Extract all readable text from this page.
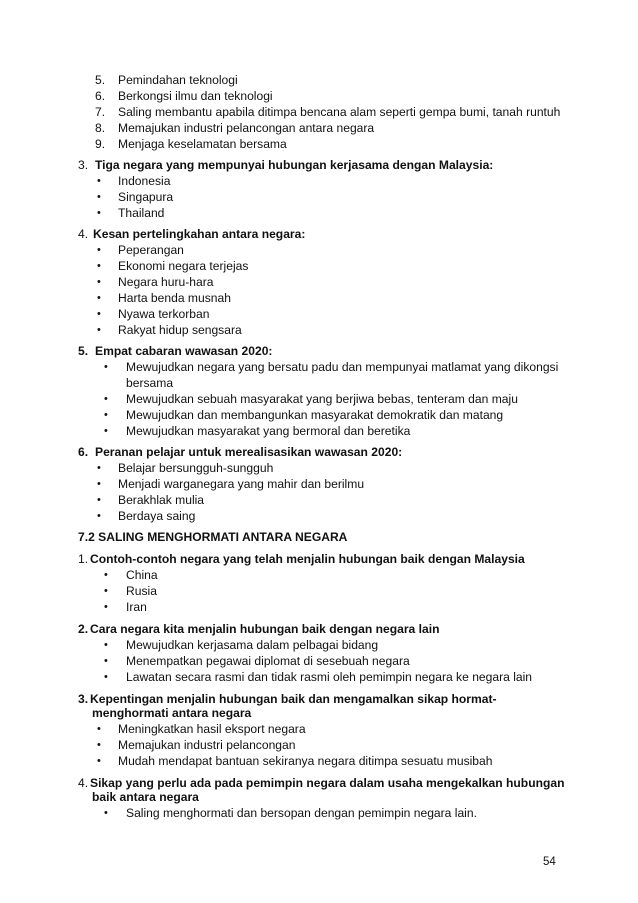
5. Pemindahan teknologi
6. Berkongsi ilmu dan teknologi
7. Saling membantu apabila ditimpa bencana alam seperti gempa bumi, tanah runtuh
8. Memajukan industri pelancongan antara negara
9. Menjaga keselamatan bersama
3. Tiga negara yang mempunyai hubungan kerjasama dengan Malaysia:
• Indonesia
• Singapura
• Thailand
4. Kesan pertelingkahan antara negara:
• Peperangan
• Ekonomi negara terjejas
• Negara huru-hara
• Harta benda musnah
• Nyawa terkorban
• Rakyat hidup sengsara
5. Empat cabaran wawasan 2020:
• Mewujudkan negara yang bersatu padu dan mempunyai matlamat yang dikongsi
bersama
• Mewujudkan sebuah masyarakat yang berjiwa bebas, tenteram dan maju
• Mewujudkan dan membangunkan masyarakat demokratik dan matang
• Mewujudkan masyarakat yang bermoral dan beretika
6. Peranan pelajar untuk merealisasikan wawasan 2020:
• Belajar bersungguh-sungguh
• Menjadi warganegara yang mahir dan berilmu
• Berakhlak mulia
• Berdaya saing
7.2 SALING MENGHORMATI ANTARA NEGARA
1. Contoh-contoh negara yang telah menjalin hubungan baik dengan Malaysia
• China
• Rusia
• Iran
2. Cara negara kita menjalin hubungan baik dengan negara lain
• Mewujudkan kerjasama dalam pelbagai bidang
• Menempatkan pegawai diplomat di sesebuah negara
• Lawatan secara rasmi dan tidak rasmi oleh pemimpin negara ke negara lain
3. Kepentingan menjalin hubungan baik dan mengamalkan sikap hormat-
menghormati antara negara
• Meningkatkan hasil eksport negara
• Memajukan industri pelancongan
• Mudah mendapat bantuan sekiranya negara ditimpa sesuatu musibah
4. Sikap yang perlu ada pada pemimpin negara dalam usaha mengekalkan hubungan
baik antara negara
• Saling menghormati dan bersopan dengan pemimpin negara lain.
54
